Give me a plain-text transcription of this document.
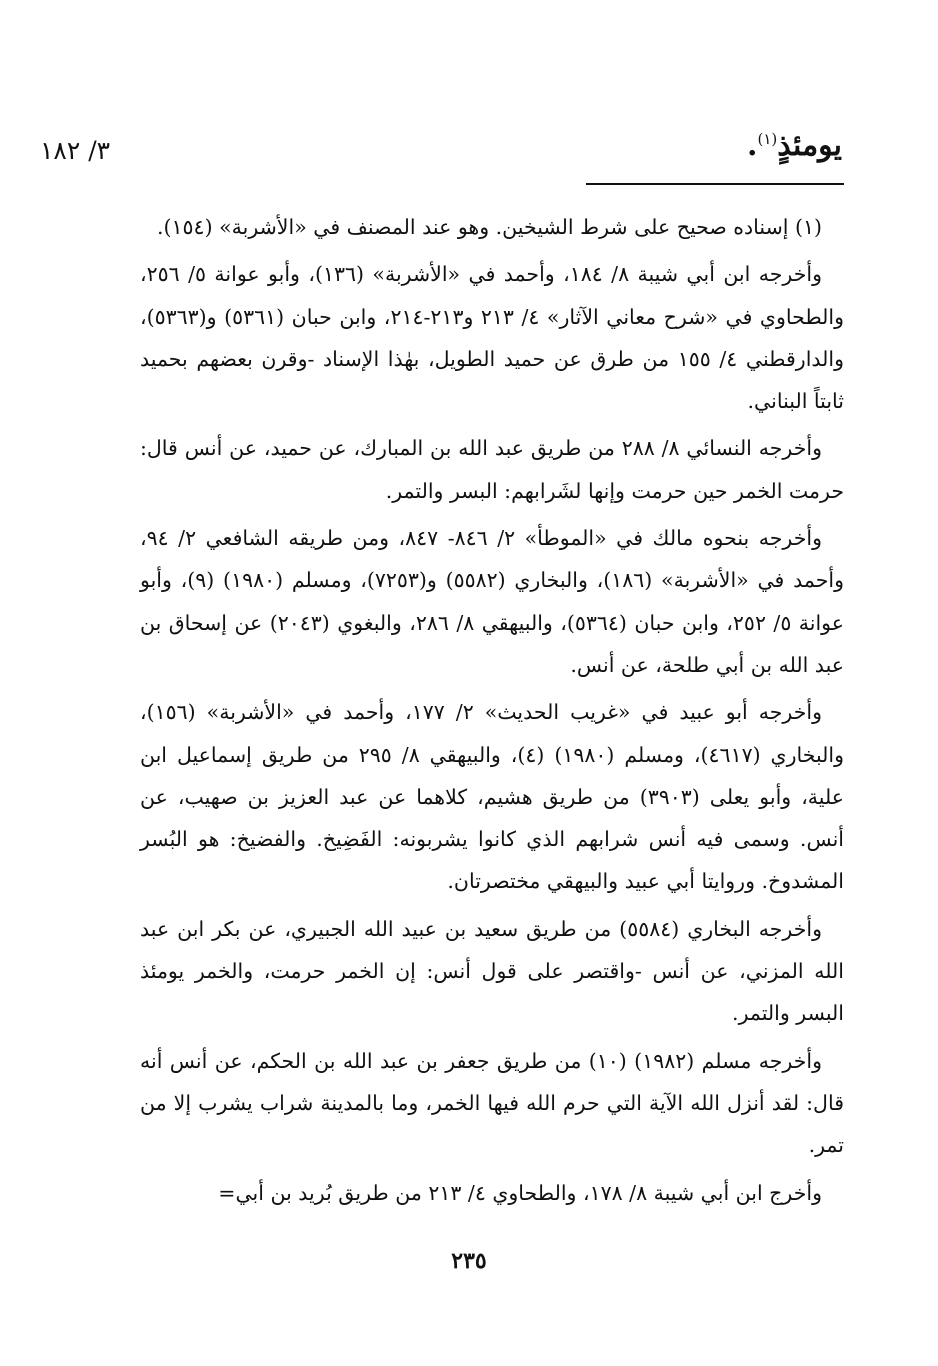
يومئذٍ$^{(١)}$.
٣/ ١٨٢

(١) إسناده صحيح على شرط الشيخين. وهو عند المصنف في «الأشربة» (١٥٤).

وأخرجه ابن أبي شيبة ٨/ ١٨٤، وأحمد في «الأشربة» (١٣٦)، وأبو عوانة ٥/ ٢٥٦، والطحاوي في «شرح معاني الآثار» ٤/ ٢١٣ و٢١٣-٢١٤، وابن حبان (٥٣٦١) و(٥٣٦٣)، والدارقطني ٤/ ١٥٥ من طرق عن حميد الطويل، بهٰذا الإسناد -وقرن بعضهم بحميد ثابتاً البناني.

وأخرجه النسائي ٨/ ٢٨٨ من طريق عبد الله بن المبارك، عن حميد، عن أنس قال: حرمت الخمر حين حرمت وإنها لشَرابهم: البسر والتمر.

وأخرجه بنحوه مالك في «الموطأ» ٢/ ٨٤٦- ٨٤٧، ومن طريقه الشافعي ٢/ ٩٤، وأحمد في «الأشربة» (١٨٦)، والبخاري (٥٥٨٢) و(٧٢٥٣)، ومسلم (١٩٨٠) (٩)، وأبو عوانة ٥/ ٢٥٢، وابن حبان (٥٣٦٤)، والبيهقي ٨/ ٢٨٦، والبغوي (٢٠٤٣) عن إسحاق بن عبد الله بن أبي طلحة، عن أنس.

وأخرجه أبو عبيد في «غريب الحديث» ٢/ ١٧٧، وأحمد في «الأشربة» (١٥٦)، والبخاري (٤٦١٧)، ومسلم (١٩٨٠) (٤)، والبيهقي ٨/ ٢٩٥ من طريق إسماعيل ابن علية، وأبو يعلى (٣٩٠٣) من طريق هشيم، كلاهما عن عبد العزيز بن صهيب، عن أنس. وسمى فيه أنس شرابهم الذي كانوا يشربونه: الفَضِيخ. والفضيخ: هو البُسر المشدوخ. وروايتا أبي عبيد والبيهقي مختصرتان.

وأخرجه البخاري (٥٥٨٤) من طريق سعيد بن عبيد الله الجبيري، عن بكر ابن عبد الله المزني، عن أنس -واقتصر على قول أنس: إن الخمر حرمت، والخمر يومئذ البسر والتمر.

وأخرجه مسلم (١٩٨٢) (١٠) من طريق جعفر بن عبد الله بن الحكم، عن أنس أنه قال: لقد أنزل الله الآية التي حرم الله فيها الخمر، وما بالمدينة شراب يشرب إلا من تمر.

وأخرج ابن أبي شيبة ٨/ ١٧٨، والطحاوي ٤/ ٢١٣ من طريق بُريد بن أبي=

٢٣٥
